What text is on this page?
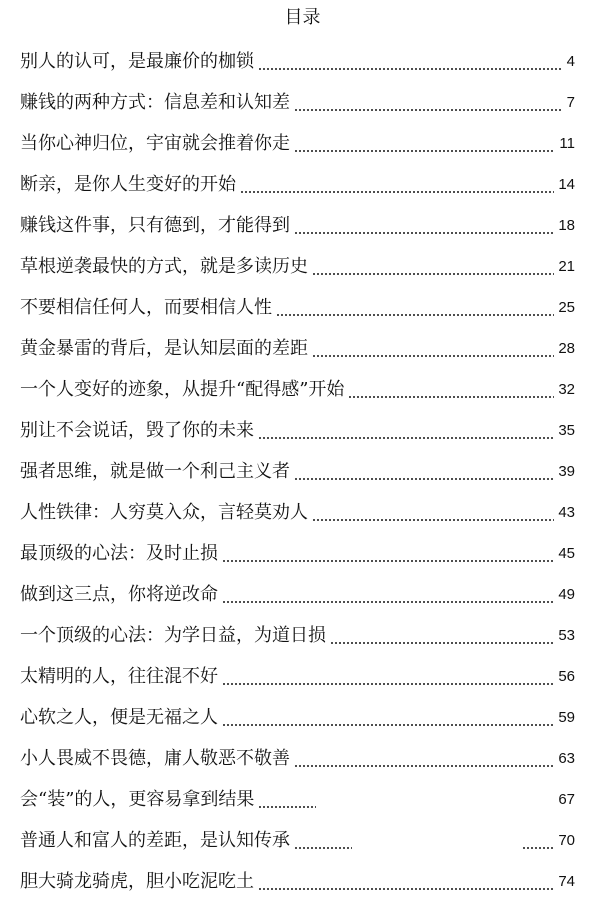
目录
别人的认可，是最廉价的枷锁	4
赚钱的两种方式：信息差和认知差	7
当你心神归位，宇宙就会推着你走	11
断亲，是你人生变好的开始	14
赚钱这件事，只有德到，才能得到	18
草根逆袭最快的方式，就是多读历史	21
不要相信任何人，而要相信人性	25
黄金暴雷的背后，是认知层面的差距	28
一个人变好的迹象，从提升“配得感”开始	32
别让不会说话，毁了你的未来	35
强者思维，就是做一个利己主义者	39
人性铁律：人穷莫入众，言轻莫劝人	43
最顶级的心法：及时止损	45
做到这三点，你将逆改命	49
一个顶级的心法：为学日益，为道日损	53
太精明的人，往往混不好	56
心软之人，便是无福之人	59
小人畏威不畏德，庸人敬恶不敬善	63
会“装”的人，更容易拿到结果	67
普通人和富人的差距，是认知传承	70
胆大骑龙骑虎，胆小吃泥吃土	74
